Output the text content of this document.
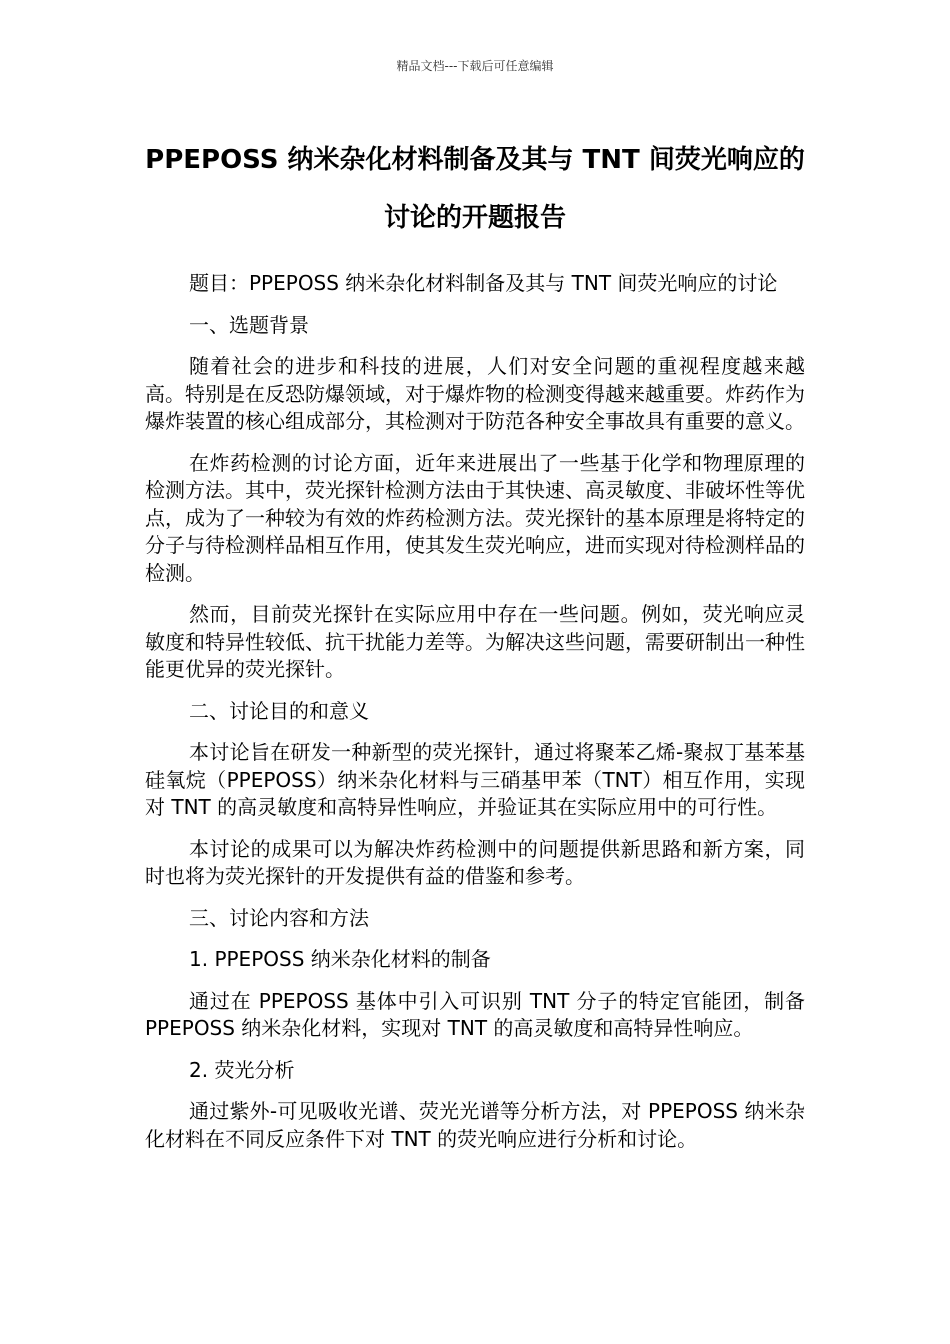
精品文档---下载后可任意编辑
PPEPOSS 纳米杂化材料制备及其与 TNT 间荧光响应的讨论的开题报告

题目：PPEPOSS 纳米杂化材料制备及其与 TNT 间荧光响应的讨论

一、选题背景

随着社会的进步和科技的进展，人们对安全问题的重视程度越来越高。特别是在反恐防爆领域，对于爆炸物的检测变得越来越重要。炸药作为爆炸装置的核心组成部分，其检测对于防范各种安全事故具有重要的意义。

在炸药检测的讨论方面，近年来进展出了一些基于化学和物理原理的检测方法。其中，荧光探针检测方法由于其快速、高灵敏度、非破坏性等优点，成为了一种较为有效的炸药检测方法。荧光探针的基本原理是将特定的分子与待检测样品相互作用，使其发生荧光响应，进而实现对待检测样品的检测。

然而，目前荧光探针在实际应用中存在一些问题。例如，荧光响应灵敏度和特异性较低、抗干扰能力差等。为解决这些问题，需要研制出一种性能更优异的荧光探针。

二、讨论目的和意义

本讨论旨在研发一种新型的荧光探针，通过将聚苯乙烯-聚叔丁基苯基硅氧烷（PPEPOSS）纳米杂化材料与三硝基甲苯（TNT）相互作用，实现对 TNT 的高灵敏度和高特异性响应，并验证其在实际应用中的可行性。

本讨论的成果可以为解决炸药检测中的问题提供新思路和新方案，同时也将为荧光探针的开发提供有益的借鉴和参考。

三、讨论内容和方法

1. PPEPOSS 纳米杂化材料的制备

通过在 PPEPOSS 基体中引入可识别 TNT 分子的特定官能团，制备 PPEPOSS 纳米杂化材料，实现对 TNT 的高灵敏度和高特异性响应。

2. 荧光分析

通过紫外-可见吸收光谱、荧光光谱等分析方法，对 PPEPOSS 纳米杂化材料在不同反应条件下对 TNT 的荧光响应进行分析和讨论。
